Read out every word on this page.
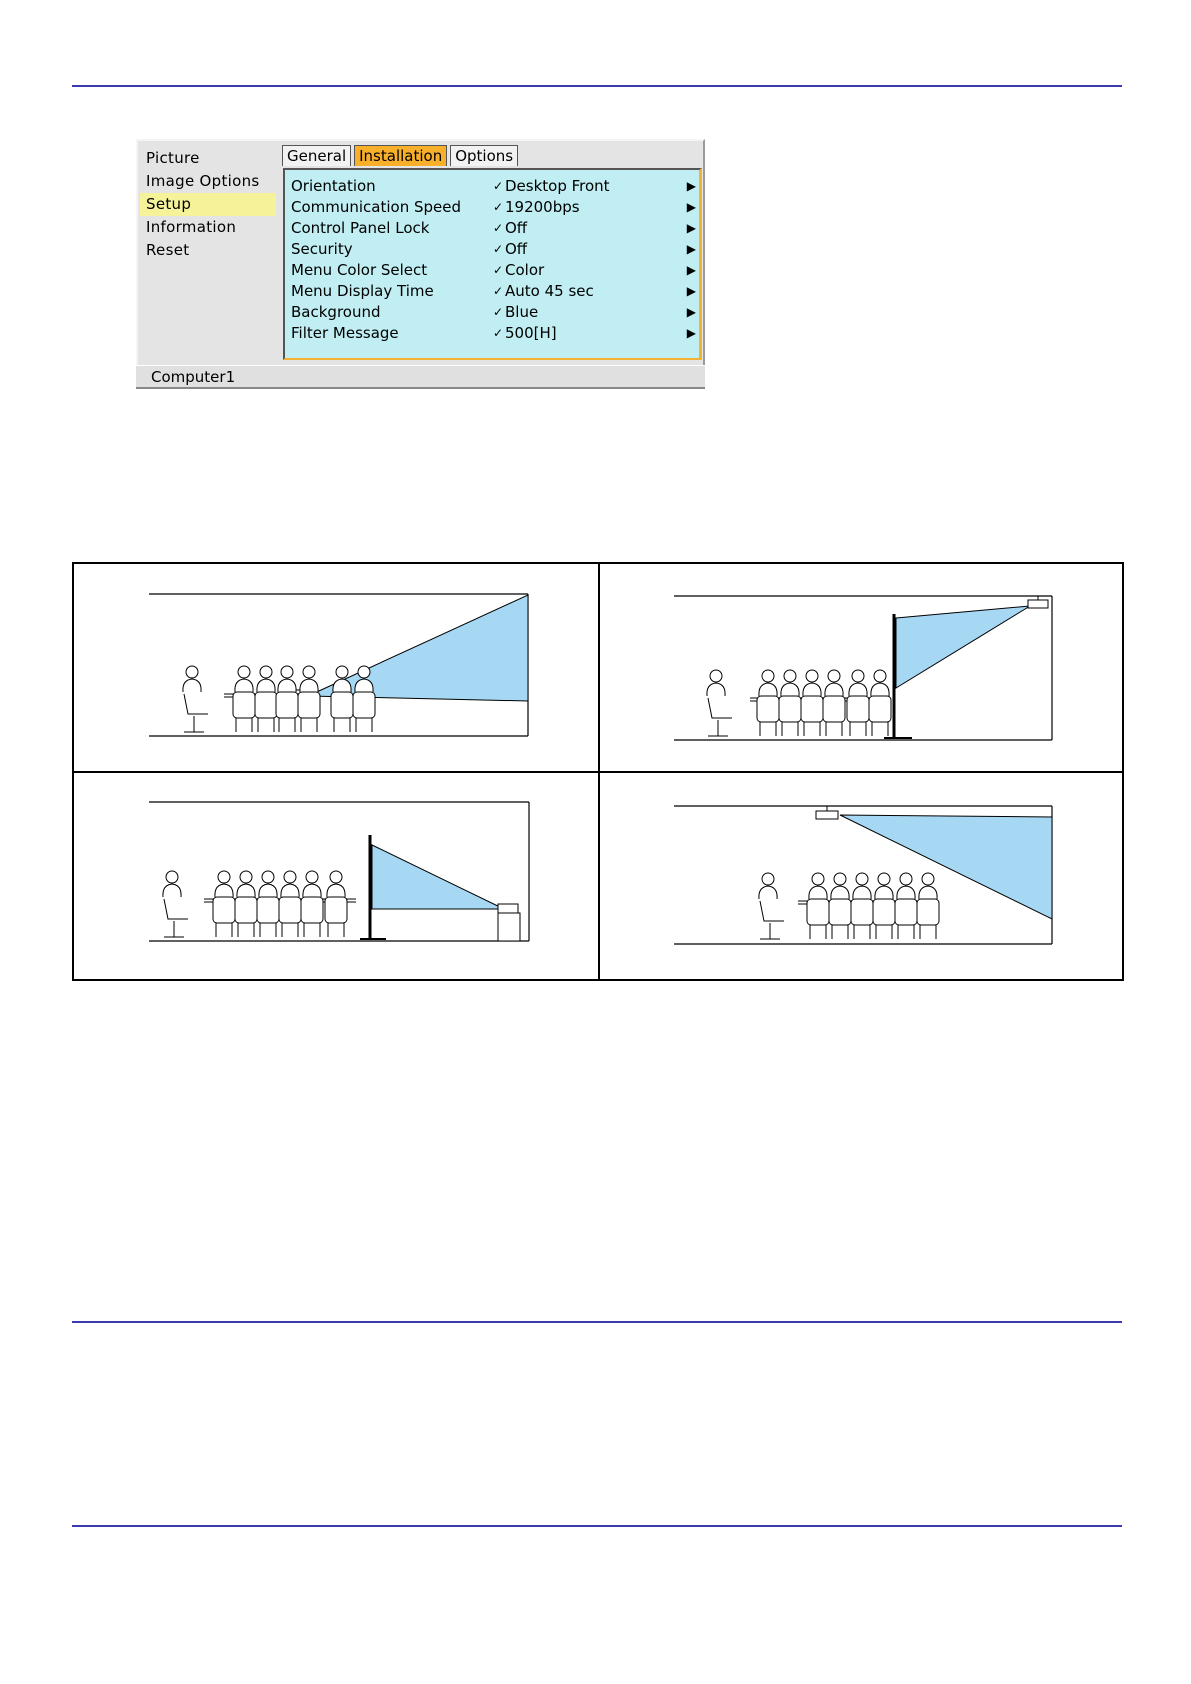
Picture
Image Options
Setup
Information
Reset
General Installation Options
Orientation	✓ Desktop Front	▶
Communication Speed	✓ 19200bps	▶
Control Panel Lock	✓ Off	▶
Security	✓ Off	▶
Menu Color Select	✓ Color	▶
Menu Display Time	✓ Auto 45 sec	▶
Background	✓ Blue	▶
Filter Message	✓ 500[H]	▶
Computer1
